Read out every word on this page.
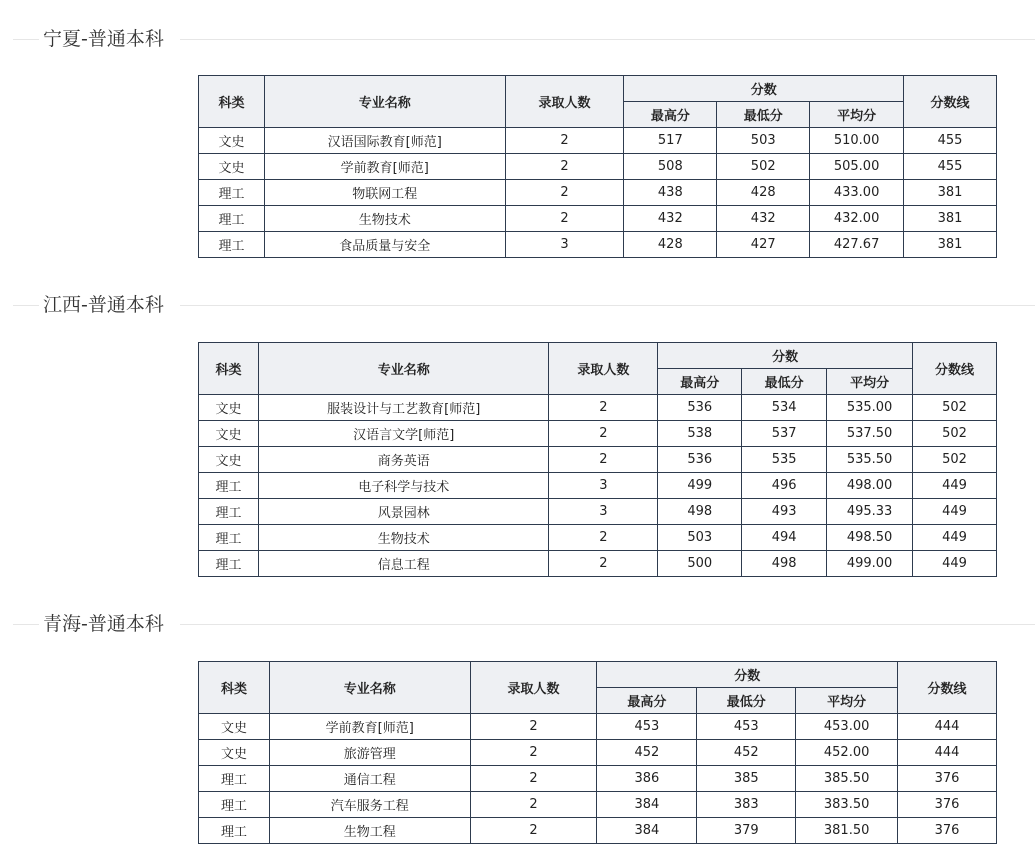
宁夏-普通本科
科类	专业名称	录取人数	分数			分数线
			最高分	最低分	平均分	
文史	汉语国际教育[师范]	2	517	503	510.00	455
文史	学前教育[师范]	2	508	502	505.00	455
理工	物联网工程	2	438	428	433.00	381
理工	生物技术	2	432	432	432.00	381
理工	食品质量与安全	3	428	427	427.67	381
江西-普通本科
科类	专业名称	录取人数	分数			分数线
			最高分	最低分	平均分	
文史	服装设计与工艺教育[师范]	2	536	534	535.00	502
文史	汉语言文学[师范]	2	538	537	537.50	502
文史	商务英语	2	536	535	535.50	502
理工	电子科学与技术	3	499	496	498.00	449
理工	风景园林	3	498	493	495.33	449
理工	生物技术	2	503	494	498.50	449
理工	信息工程	2	500	498	499.00	449
青海-普通本科
科类	专业名称	录取人数	分数			分数线
			最高分	最低分	平均分	
文史	学前教育[师范]	2	453	453	453.00	444
文史	旅游管理	2	452	452	452.00	444
理工	通信工程	2	386	385	385.50	376
理工	汽车服务工程	2	384	383	383.50	376
理工	生物工程	2	384	379	381.50	376
